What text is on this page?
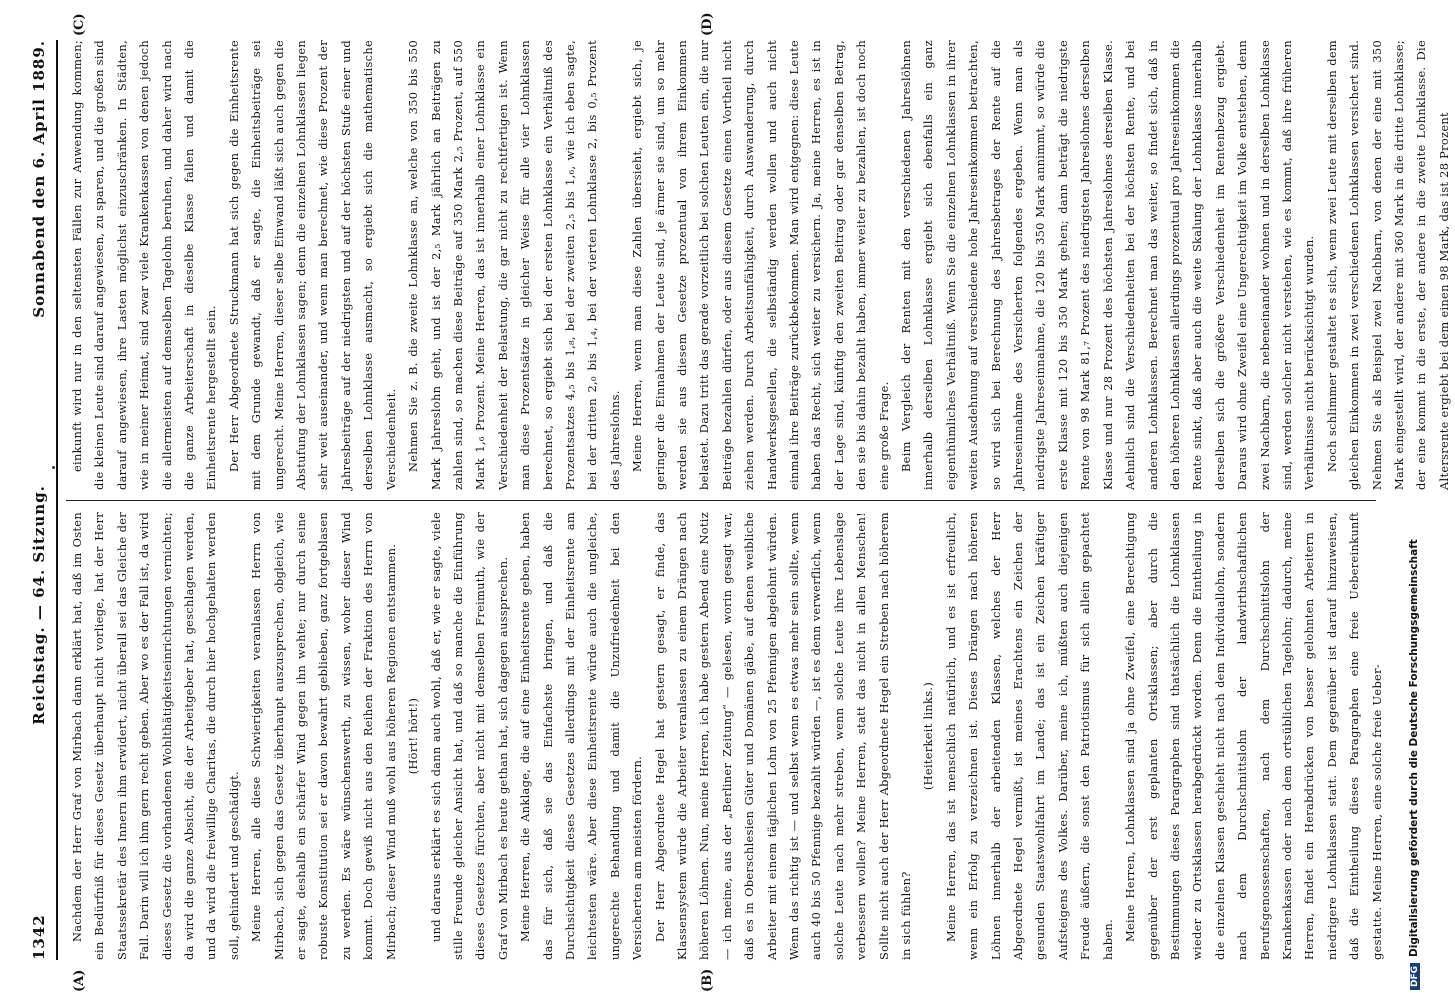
1342
Reichstag. — 64. Sitzung.
Sonnabend den 6. April 1889.
(A)	(B)
(C)	(D)

Nachdem der Herr Graf von Mirbach dann erklärt hat, daß im Osten ein Bedürfniß für dieses Gesetz überhaupt nicht vorliege, hat der Herr Staatssekretär des Innern ihm erwidert, nicht überall sei das Gleiche der Fall. Darin will ich ihm gern recht geben. Aber wo es der Fall ist, da wird dieses Gesetz die vorhandenen Wohlthätigkeitseinrichtungen vernichten; da wird die ganze Absicht, die der Arbeitgeber hat, geschlagen werden, und da wird die freiwillige Charitas, die durch hier hochgehalten werden soll, gehindert und geschädigt. Meine Herren, alle diese Schwierigkeiten veranlassen Herrn von Mirbach, sich gegen das Gesetz überhaupt auszusprechen, obgleich, wie er sagte, deshalb ein schärfer Wind gegen ihn wehte; nur durch seine robuste Konstitution sei er davon bewahrt geblieben, ganz fortgeblasen zu werden. Es wäre wünschenswerth, zu wissen, woher dieser Wind kommt. Doch gewiß nicht aus den Reihen der Fraktion des Herrn von Mirbach; dieser Wind muß wohl aus höheren Regionen entstammen. (Hört! hört!) und daraus erklärt es sich dann auch wohl, daß er, wie er sagte, viele stille Freunde gleicher Ansicht hat, und daß so manche die Einführung dieses Gesetzes fürchten, aber nicht mit demselben Freimuth, wie der Graf von Mirbach es heute gethan hat, sich dagegen aussprechen. Meine Herren, die Anklage, die auf eine Einheitsrente geben, haben das für sich, daß sie das Einfachste bringen, und daß die Durchsichtigkeit dieses Gesetzes allerdings mit der Einheitsrente am leichtesten wäre. Aber diese Einheitsrente würde auch die ungleiche, ungerechte Behandlung und damit die Unzufriedenheit bei den Versicherten am meisten fördern. Der Herr Abgeordnete Hegel hat gestern gesagt, er finde, das Klassensystem würde die Arbeiter veranlassen zu einem Drängen nach höheren Löhnen. Nun, meine Herren, ich habe gestern Abend eine Notiz — ich meine, aus der „Berliner Zeitung“ — gelesen, worin gesagt war, daß es in Oberschlesien Güter und Domänen gäbe, auf denen weibliche Arbeiter mit einem täglichen Lohn von 25 Pfennigen abgelohnt würden. Wenn das richtig ist — und selbst wenn es etwas mehr sein sollte, wenn auch 40 bis 50 Pfennige bezahlt würden —, ist es denn verwerflich, wenn solche Leute nach mehr streben, wenn solche Leute ihre Lebenslage verbessern wollen? Meine Herren, statt das nicht in allen Menschen! Sollte nicht auch der Herr Abgeordnete Hegel ein Streben nach höherem in sich fühlen?

(Heiterkeit links.) Meine Herren, das ist menschlich natürlich, und es ist erfreulich, wenn ein Erfolg zu verzeichnen ist. Dieses Drängen nach höheren Löhnen innerhalb der arbeitenden Klassen, welches der Herr Abgeordnete Hegel vermißt, ist meines Erachtens ein Zeichen der gesunden Staatswohlfahrt im Lande; das ist ein Zeichen kräftiger Aufsteigens des Volkes. Darüber, meine ich, müßten auch diejenigen Freude äußern, die sonst den Patriotismus für sich allein gepachtet haben. Meine Herren, Lohnklassen sind ja ohne Zweifel, eine Berechtigung gegenüber der erst geplanten Ortsklassen; aber durch die Bestimmungen dieses Paragraphen sind thatsächlich die Lohnklassen wieder zu Ortsklassen herabgedrückt worden. Denn die Eintheilung in die einzelnen Klassen geschieht nicht nach dem Individuallohn, sondern nach dem Durchschnittslohn der landwirthschaftlichen Berufsgenossenschaften, nach dem Durchschnittslohn der Krankenkassen oder nach dem ortsüblichen Tagelohn; dadurch, meine Herren, findet ein Herabdrücken von besser gelohnten Arbeitern in niedrigere Lohnklassen statt. Dem gegenüber ist darauf hinzuweisen, daß die Eintheilung dieses Paragraphen eine freie Uebereinkunft gestatte. Meine Herren, eine solche freie Ueber-

einkunft wird nur in den seltensten Fällen zur Anwendung kommen; die kleinen Leute sind darauf angewiesen, zu sparen, und die großen sind darauf angewiesen, ihre Lasten möglichst einzuschränken. In Städten, wie in meiner Heimat, sind zwar viele Krankenkassen von denen jedoch die allermeisten auf demselben Tagelohn beruhen, und daher wird nach die ganze Arbeiterschaft in dieselbe Klasse fallen und damit die Einheitsrente hergestellt sein. Der Herr Abgeordnete Struckmann hat sich gegen die Einheitsrente mit dem Grunde gewandt, daß er sagte, die Einheitsbeiträge sei ungerecht. Meine Herren, dieser selbe Einwand läßt sich auch gegen die Abstufung der Lohnklassen sagen; denn die einzelnen Lohnklassen liegen sehr weit auseinander, und wenn man berechnet, wie diese Prozent der Jahresbeiträge auf der niedrigsten und auf der höchsten Stufe einer und derselben Lohnklasse ausmacht, so ergiebt sich die mathematische Verschiedenheit. Nehmen Sie z. B. die zweite Lohnklasse an, welche von 350 bis 550 Mark Jahreslohn geht, und ist der 2,₅ Mark jährlich an Beiträgen zu zahlen sind, so machen diese Beiträge auf 350 Mark 2,₅ Prozent, auf 550 Mark 1,₆ Prozent. Meine Herren, das ist innerhalb einer Lohnklasse ein Verschiedenheit der Belastung, die gar nicht zu rechtfertigen ist. Wenn man diese Prozentsätze in gleicher Weise für alle vier Lohnklassen berechnet, so ergiebt sich bei der ersten Lohnklasse ein Verhältniß des Prozentsatzes 4,₅ bis 1,₈, bei der zweiten 2,₅ bis 1,₆, wie ich eben sagte, bei der dritten 2,₀ bis 1,₄, bei der vierten Lohnklasse 2, bis 0,₅ Prozent des Jahreslohns. Meine Herren, wenn man diese Zahlen übersieht, ergiebt sich, je geringer die Einnahmen der Leute sind, je ärmer sie sind, um so mehr werden sie aus diesem Gesetze prozentual von ihrem Einkommen belastet. Dazu tritt das gerade vorzeitlich bei solchen Leuten ein, die nur Beiträge bezahlen dürfen, oder aus diesem Gesetze einen Vortheil nicht ziehen werden. Durch Arbeitsunfähigkeit, durch Auswanderung, durch Handwerksgesellen, die selbständig werden wollen und auch nicht einmal ihre Beiträge zurückbekommen. Man wird entgegnen: diese Leute haben das Recht, sich weiter zu versichern. Ja, meine Herren, es ist in der Lage sind, künftig den zweiten Beitrag oder gar denselben Betrag, den sie bis dahin bezahlt haben, immer weiter zu bezahlen, ist doch noch eine große Frage. Beim Vergleich der Renten mit den verschiedenen Jahreslöhnen innerhalb derselben Lohnklasse ergiebt sich ebenfalls ein ganz eigenthümliches Verhältniß. Wenn Sie die einzelnen Lohnklassen in ihrer weiten Ausdehnung auf verschiedene hohe Jahreseinkommen betrachten, so wird sich bei Berechnung des Jahresbetrages der Rente auf die Jahreseinnahme des Versicherten folgendes ergeben. Wenn man als niedrigste Jahreseinnahme, die 120 bis 350 Mark annimmt, so würde die erste Klasse mit 120 bis 350 Mark gehen; dann beträgt die niedrigste Rente von 98 Mark 81,₇ Prozent des niedrigsten Jahreslohnes derselben Klasse und nur 28 Prozent des höchsten Jahreslohnes derselben Klasse. Aehnlich sind die Verschiedenheiten bei der höchsten Rente, und bei anderen Lohnklassen. Berechnet man das weiter, so findet sich, daß in den höheren Lohnklassen allerdings prozentual pro Jahreseinkommen die Rente sinkt, daß aber auch die weite Skalung der Lohnklasse innerhalb derselben sich die größere Verschiedenheit im Rentenbezug ergiebt. Daraus wird ohne Zweifel eine Ungerechtigkeit im Volke entstehen, denn zwei Nachbarn, die nebeneinander wohnen und in derselben Lohnklasse sind, werden solcher nicht verstehen, wie es kommt, daß ihre früheren Verhältnisse nicht berücksichtigt wurden. Noch schlimmer gestaltet es sich, wenn zwei Leute mit derselben dem gleichen Einkommen in zwei verschiedenen Lohnklassen versichert sind. Nehmen Sie als Beispiel zwei Nachbarn, von denen der eine mit 350 Mark eingestellt wird, der andere mit 360 Mark in die dritte Lohnklasse; der eine kommt in die erste, der andere in die zweite Lohnklasse. Die Altersrente ergiebt bei dem einen 98 Mark, das ist 28 Prozent

DFGDigitalisierung gefördert durch die Deutsche Forschungsgemeinschaft
